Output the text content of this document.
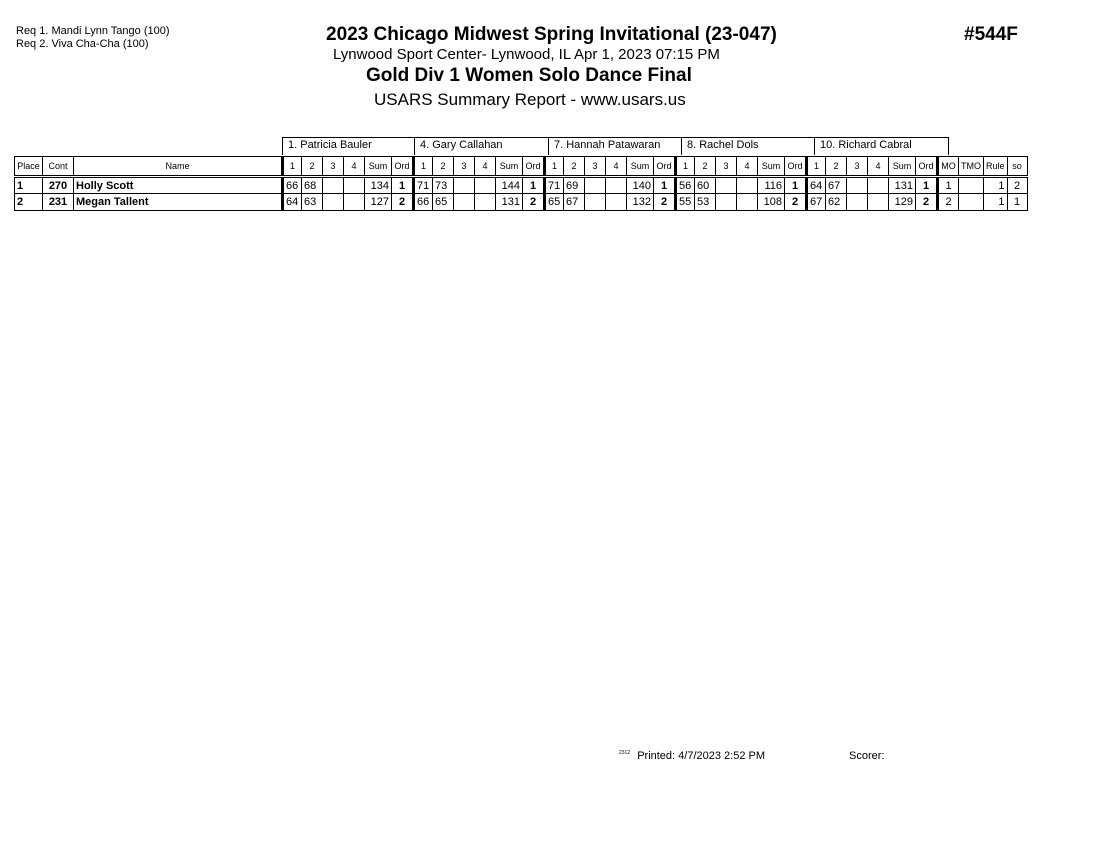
Req 1. Mandi Lynn Tango (100)
Req 2. Viva Cha-Cha (100)	2023 Chicago Midwest Spring Invitational (23-047)
Lynwood Sport Center- Lynwood, IL Apr 1, 2023 07:15 PM
Gold Div 1 Women Solo Dance Final
USARS Summary Report - www.usars.us
#544F
1. Patricia Bauler	4. Gary Callahan	7. Hannah Patawaran	8. Rachel Dols	10. Richard Cabral
Place	Cont	Name	1	2	3	4	Sum	Ord	1	2	3	4	Sum	Ord	1	2	3	4	Sum	Ord	1	2	3	4	Sum	Ord	1	2	3	4	Sum	Ord	MO	TMO	Rule	so
1	270	Holly Scott	66	68			134	1	71	73			144	1	71	69			140	1	56	60			116	1	64	67			131	1	1		1	2
2	231	Megan Tallent	64	63			127	2	66	65			131	2	65	67			132	2	55	53			108	2	67	62			129	2	2		1	1
$^{2312}$ Printed: 4/7/2023 2:52 PM	Scorer:
